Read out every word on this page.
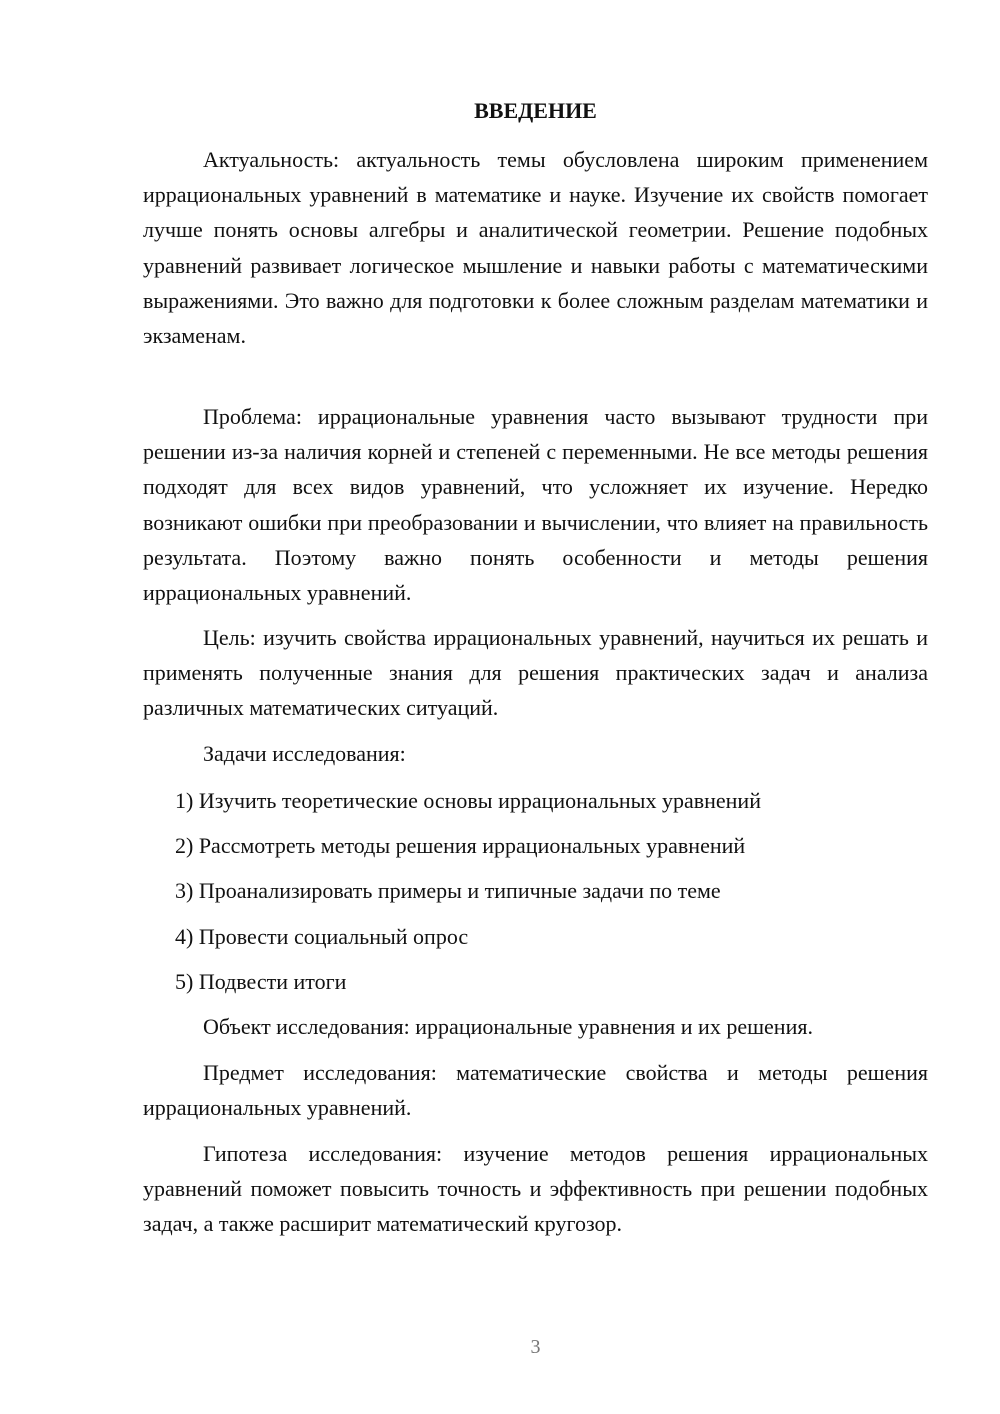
ВВЕДЕНИЕ

Актуальность: актуальность темы обусловлена широким применением иррациональных уравнений в математике и науке. Изучение их свойств помогает лучше понять основы алгебры и аналитической геометрии. Решение подобных уравнений развивает логическое мышление и навыки работы с математическими выражениями. Это важно для подготовки к более сложным разделам математики и экзаменам.

Проблема: иррациональные уравнения часто вызывают трудности при решении из-за наличия корней и степеней с переменными. Не все методы решения подходят для всех видов уравнений, что усложняет их изучение. Нередко возникают ошибки при преобразовании и вычислении, что влияет на правильность результата. Поэтому важно понять особенности и методы решения иррациональных уравнений.

Цель: изучить свойства иррациональных уравнений, научиться их решать и применять полученные знания для решения практических задач и анализа различных математических ситуаций.

Задачи исследования:

1) Изучить теоретические основы иррациональных уравнений

2) Рассмотреть методы решения иррациональных уравнений

3) Проанализировать примеры и типичные задачи по теме

4) Провести социальный опрос

5) Подвести итоги

Объект исследования: иррациональные уравнения и их решения.

Предмет исследования: математические свойства и методы решения иррациональных уравнений.

Гипотеза исследования: изучение методов решения иррациональных уравнений поможет повысить точность и эффективность при решении подобных задач, а также расширит математический кругозор.

3
